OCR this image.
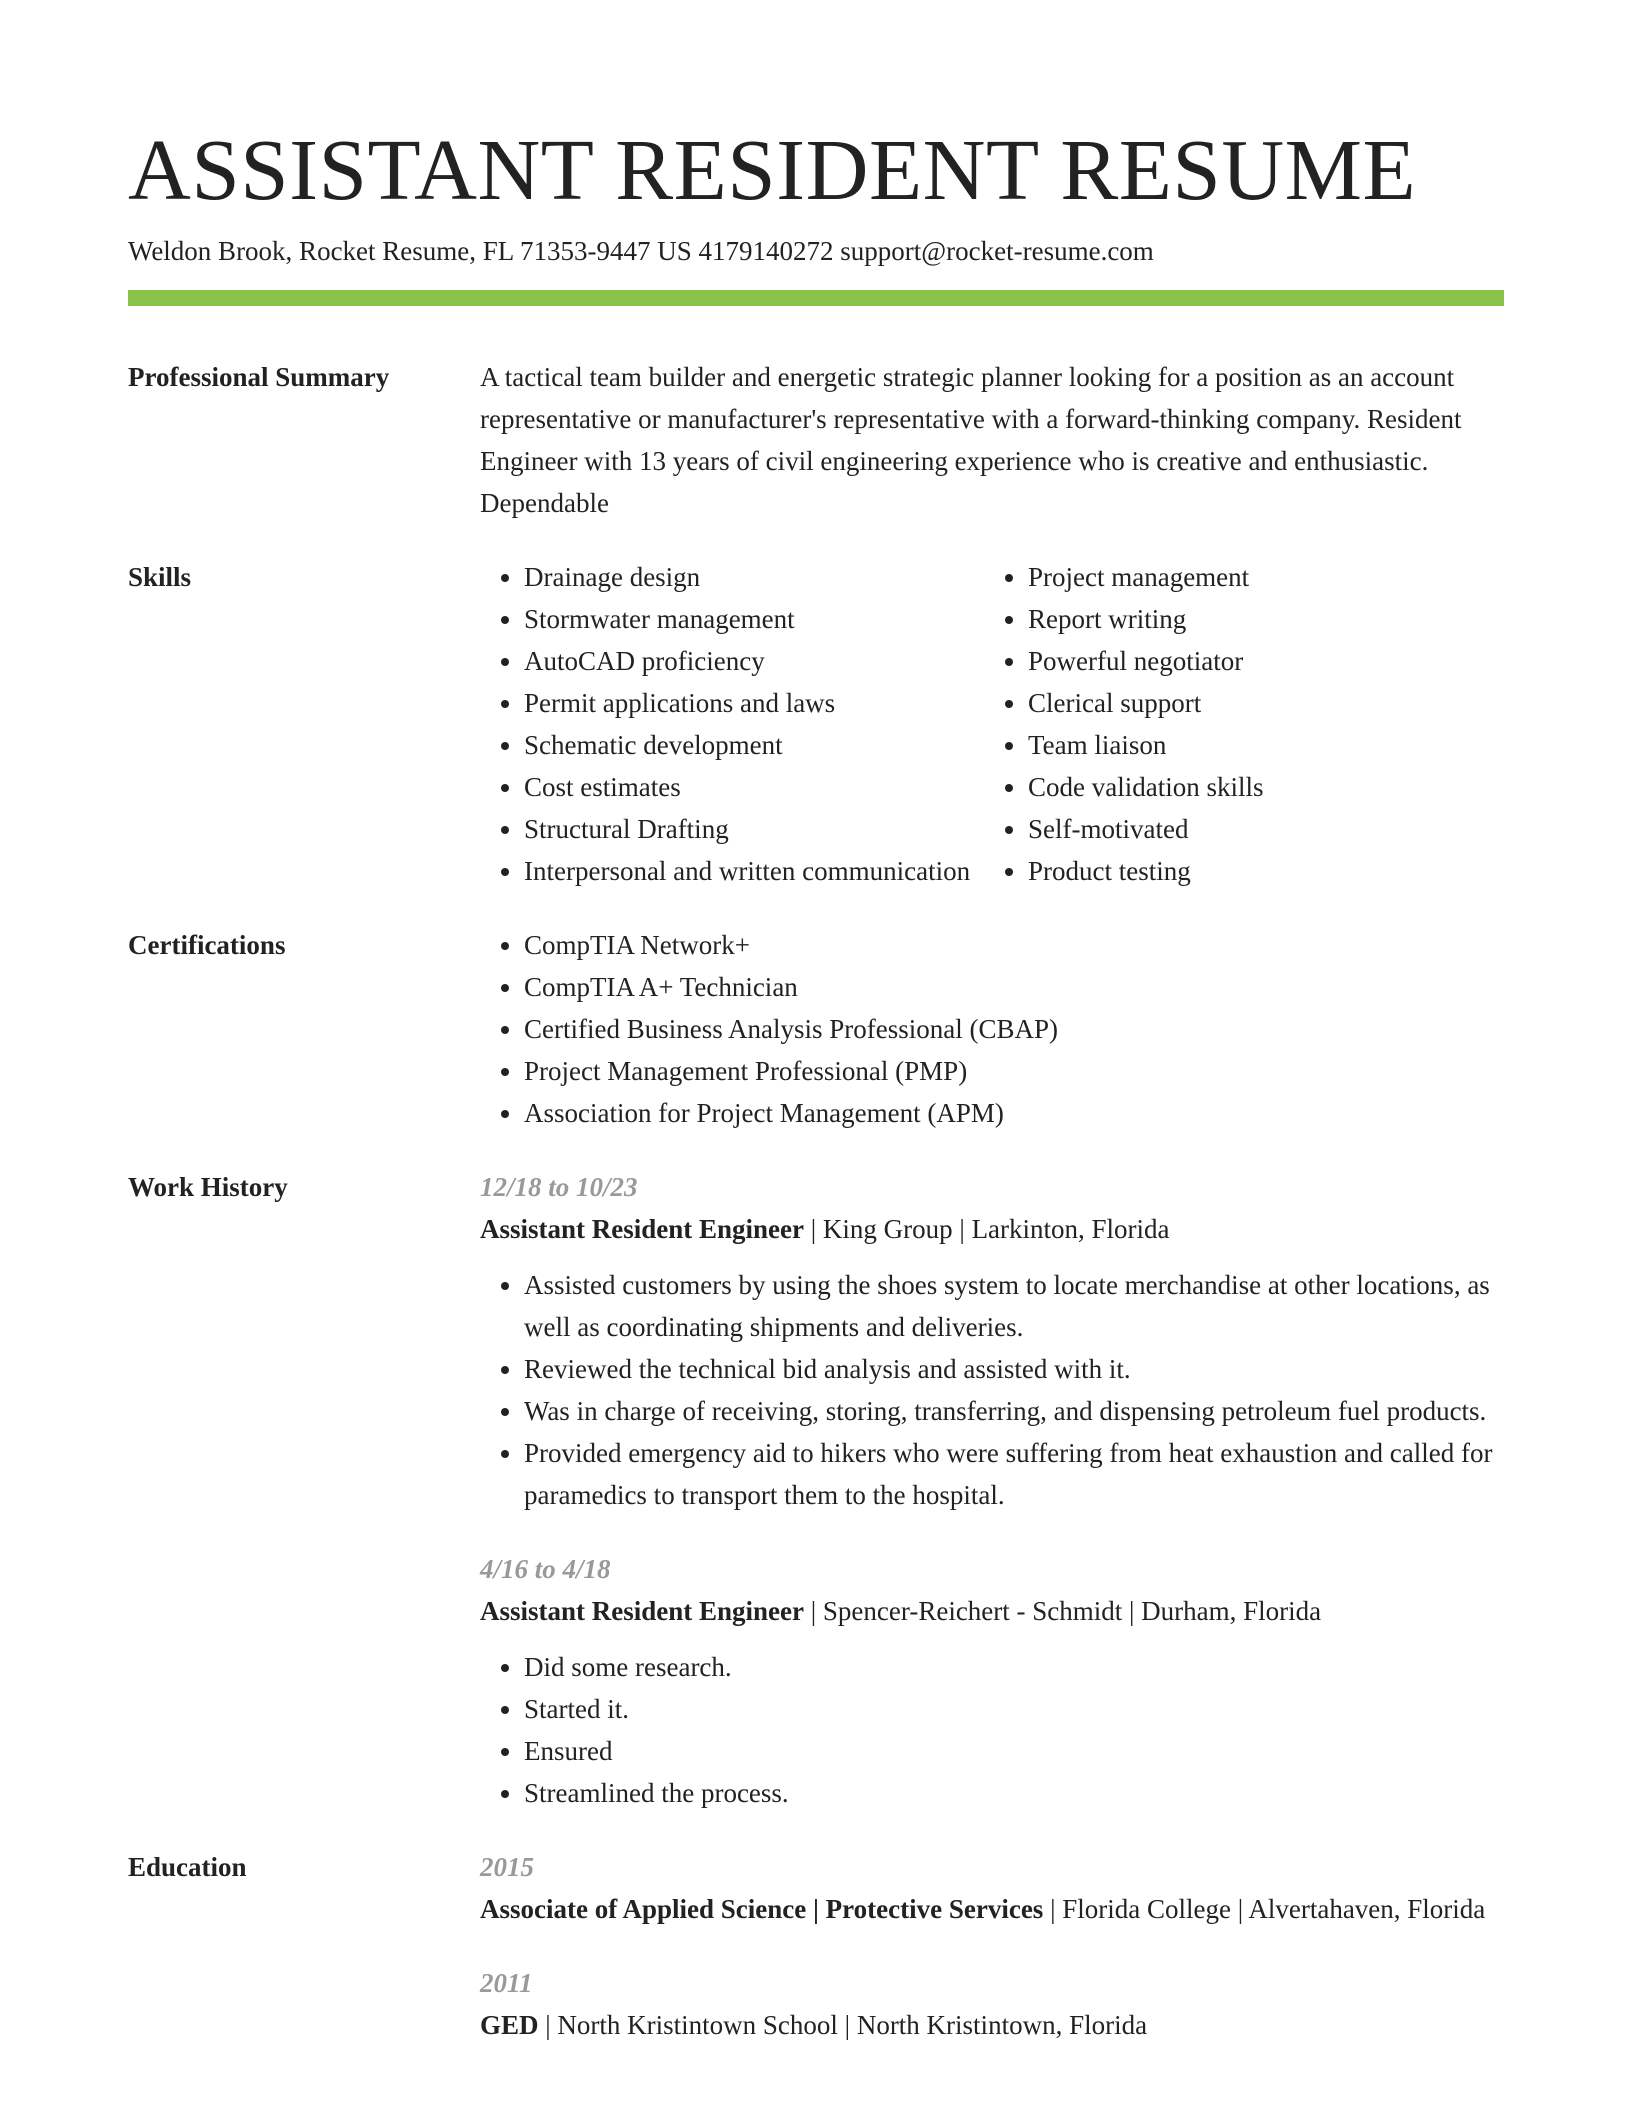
ASSISTANT RESIDENT RESUME
Weldon Brook, Rocket Resume, FL 71353-9447 US 4179140272 support@rocket-resume.com
Professional Summary	A tactical team builder and energetic strategic planner looking for a position as an account representative or manufacturer's representative with a forward-thinking company. Resident Engineer with 13 years of civil engineering experience who is creative and enthusiastic. Dependable
Skills	• Drainage design
• Stormwater management
• AutoCAD proficiency
• Permit applications and laws
• Schematic development
• Cost estimates
• Structural Drafting
• Interpersonal and written communication
• Project management
• Report writing
• Powerful negotiator
• Clerical support
• Team liaison
• Code validation skills
• Self-motivated
• Product testing
Certifications	• CompTIA Network+
• CompTIA A+ Technician
• Certified Business Analysis Professional (CBAP)
• Project Management Professional (PMP)
• Association for Project Management (APM)
Work History	12/18 to 10/23
Assistant Resident Engineer | King Group | Larkinton, Florida
• Assisted customers by using the shoes system to locate merchandise at other locations, as well as coordinating shipments and deliveries.
• Reviewed the technical bid analysis and assisted with it.
• Was in charge of receiving, storing, transferring, and dispensing petroleum fuel products.
• Provided emergency aid to hikers who were suffering from heat exhaustion and called for paramedics to transport them to the hospital.
4/16 to 4/18
Assistant Resident Engineer | Spencer-Reichert - Schmidt | Durham, Florida
• Did some research.
• Started it.
• Ensured
• Streamlined the process.
Education	2015
Associate of Applied Science | Protective Services | Florida College | Alvertahaven, Florida
2011
GED | North Kristintown School | North Kristintown, Florida
